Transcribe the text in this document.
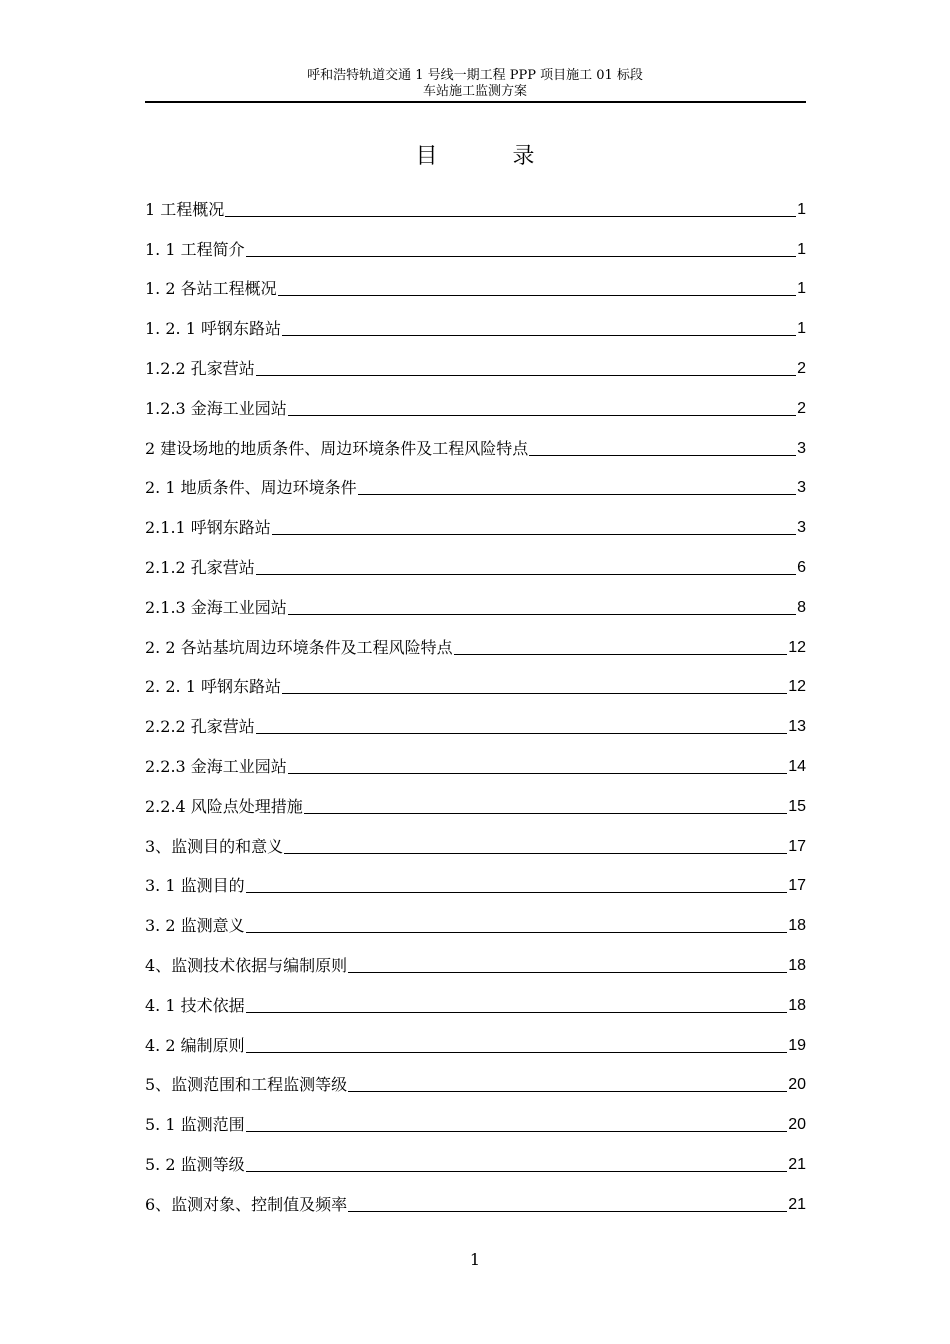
呼和浩特轨道交通 1 号线一期工程 PPP 项目施工 01 标段
车站施工监测方案
目 录
1 工程概况	1
1. 1 工程简介	1
1. 2 各站工程概况	1
1. 2. 1 呼钢东路站	1
1.2.2 孔家营站	2
1.2.3 金海工业园站	2
2 建设场地的地质条件、周边环境条件及工程风险特点	3
2. 1 地质条件、周边环境条件	3
2.1.1 呼钢东路站	3
2.1.2 孔家营站	6
2.1.3 金海工业园站	8
2. 2 各站基坑周边环境条件及工程风险特点	12
2. 2. 1 呼钢东路站	12
2.2.2 孔家营站	13
2.2.3 金海工业园站	14
2.2.4 风险点处理措施	15
3、监测目的和意义	17
3. 1 监测目的	17
3. 2 监测意义	18
4、监测技术依据与编制原则	18
4. 1 技术依据	18
4. 2 编制原则	19
5、监测范围和工程监测等级	20
5. 1 监测范围	20
5. 2 监测等级	21
6、监测对象、控制值及频率	21
1
